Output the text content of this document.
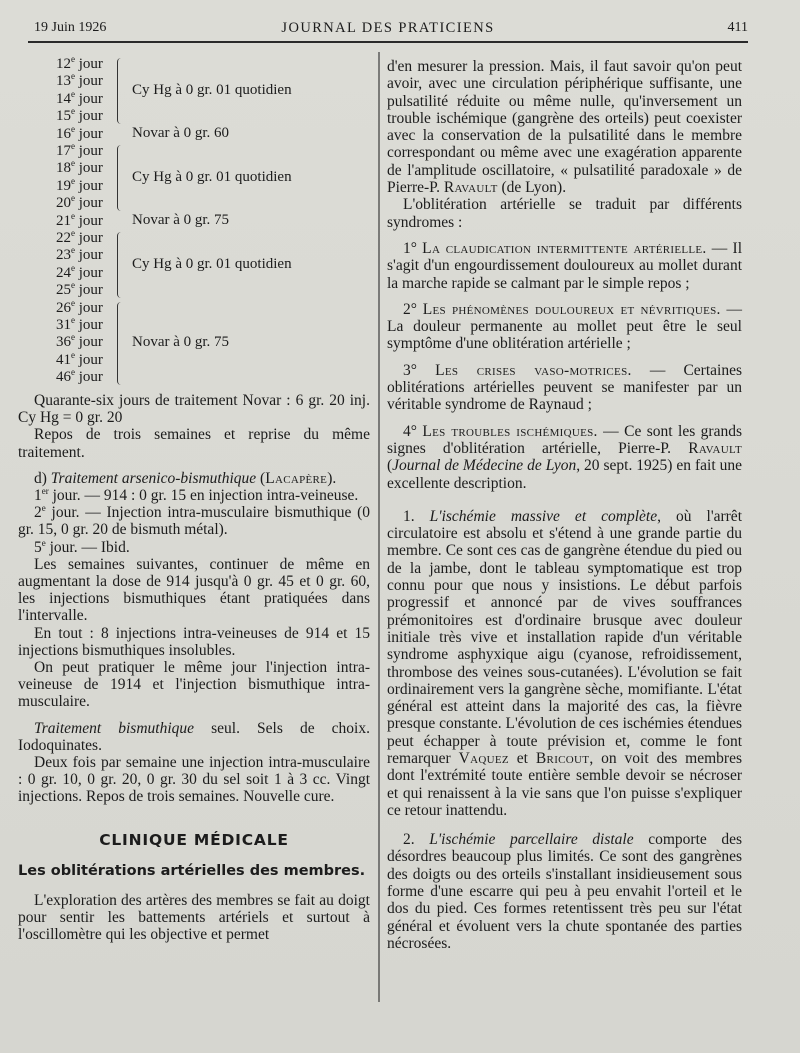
19 Juin 1926	JOURNAL DES PRATICIENS	411
12e jour
13e jour
14e jour
15e jour
16e jour
17e jour
18e jour
19e jour
20e jour
21e jour
22e jour
23e jour
24e jour
25e jour
26e jour
31e jour
36e jour
41e jour
46e jour
Cy Hg à 0 gr. 01 quotidien
Novar à 0 gr. 60
Cy Hg à 0 gr. 01 quotidien
Novar à 0 gr. 75
Cy Hg à 0 gr. 01 quotidien
Novar à 0 gr. 75

Quarante-six jours de traitement Novar : 6 gr. 20 inj. Cy Hg = 0 gr. 20

Repos de trois semaines et reprise du même traitement.

d) Traitement arsenico-bismuthique (Lacapère).

1er jour. — 914 : 0 gr. 15 en injection intra-veineuse.

2e jour. — Injection intra-musculaire bismuthique (0 gr. 15, 0 gr. 20 de bismuth métal).

5e jour. — Ibid.

Les semaines suivantes, continuer de même en augmentant la dose de 914 jusqu'à 0 gr. 45 et 0 gr. 60, les injections bismuthiques étant pratiquées dans l'intervalle.

En tout : 8 injections intra-veineuses de 914 et 15 injections bismuthiques insolubles.

On peut pratiquer le même jour l'injection intra-veineuse de 1914 et l'injection bismuthique intra-musculaire.

Traitement bismuthique seul. Sels de choix. Iodoquinates.

Deux fois par semaine une injection intra-musculaire : 0 gr. 10, 0 gr. 20, 0 gr. 30 du sel soit 1 à 3 cc. Vingt injections. Repos de trois semaines. Nouvelle cure.

CLINIQUE MÉDICALE
Les oblitérations artérielles des membres.

L'exploration des artères des membres se fait au doigt pour sentir les battements artériels et surtout à l'oscillomètre qui les objective et permet

d'en mesurer la pression. Mais, il faut savoir qu'on peut avoir, avec une circulation périphérique suffisante, une pulsatilité réduite ou même nulle, qu'inversement un trouble ischémique (gangrène des orteils) peut coexister avec la conservation de la pulsatilité dans le membre correspondant ou même avec une exagération apparente de l'amplitude oscillatoire, « pulsatilité paradoxale » de Pierre-P. Ravault (de Lyon).

L'oblitération artérielle se traduit par différents syndromes :

1° La claudication intermittente artérielle. — Il s'agit d'un engourdissement douloureux au mollet durant la marche rapide se calmant par le simple repos ;

2° Les phénomènes douloureux et névritiques. — La douleur permanente au mollet peut être le seul symptôme d'une oblitération artérielle ;

3° Les crises vaso-motrices. — Certaines oblitérations artérielles peuvent se manifester par un véritable syndrome de Raynaud ;

4° Les troubles ischémiques. — Ce sont les grands signes d'oblitération artérielle, Pierre-P. Ravault (Journal de Médecine de Lyon, 20 sept. 1925) en fait une excellente description.

1. L'ischémie massive et complète, où l'arrêt circulatoire est absolu et s'étend à une grande partie du membre. Ce sont ces cas de gangrène étendue du pied ou de la jambe, dont le tableau symptomatique est trop connu pour que nous y insistions. Le début parfois progressif et annoncé par de vives souffrances prémonitoires est d'ordinaire brusque avec douleur initiale très vive et installation rapide d'un véritable syndrome asphyxique aigu (cyanose, refroidissement, thrombose des veines sous-cutanées). L'évolution se fait ordinairement vers la gangrène sèche, momifiante. L'état général est atteint dans la majorité des cas, la fièvre presque constante. L'évolution de ces ischémies étendues peut échapper à toute prévision et, comme le font remarquer Vaquez et Bricout, on voit des membres dont l'extrémité toute entière semble devoir se nécroser et qui renaissent à la vie sans que l'on puisse s'expliquer ce retour inattendu.

2. L'ischémie parcellaire distale comporte des désordres beaucoup plus limités. Ce sont des gangrènes des doigts ou des orteils s'installant insidieusement sous forme d'une escarre qui peu à peu envahit l'orteil et le dos du pied. Ces formes retentissent très peu sur l'état général et évoluent vers la chute spontanée des parties nécrosées.
